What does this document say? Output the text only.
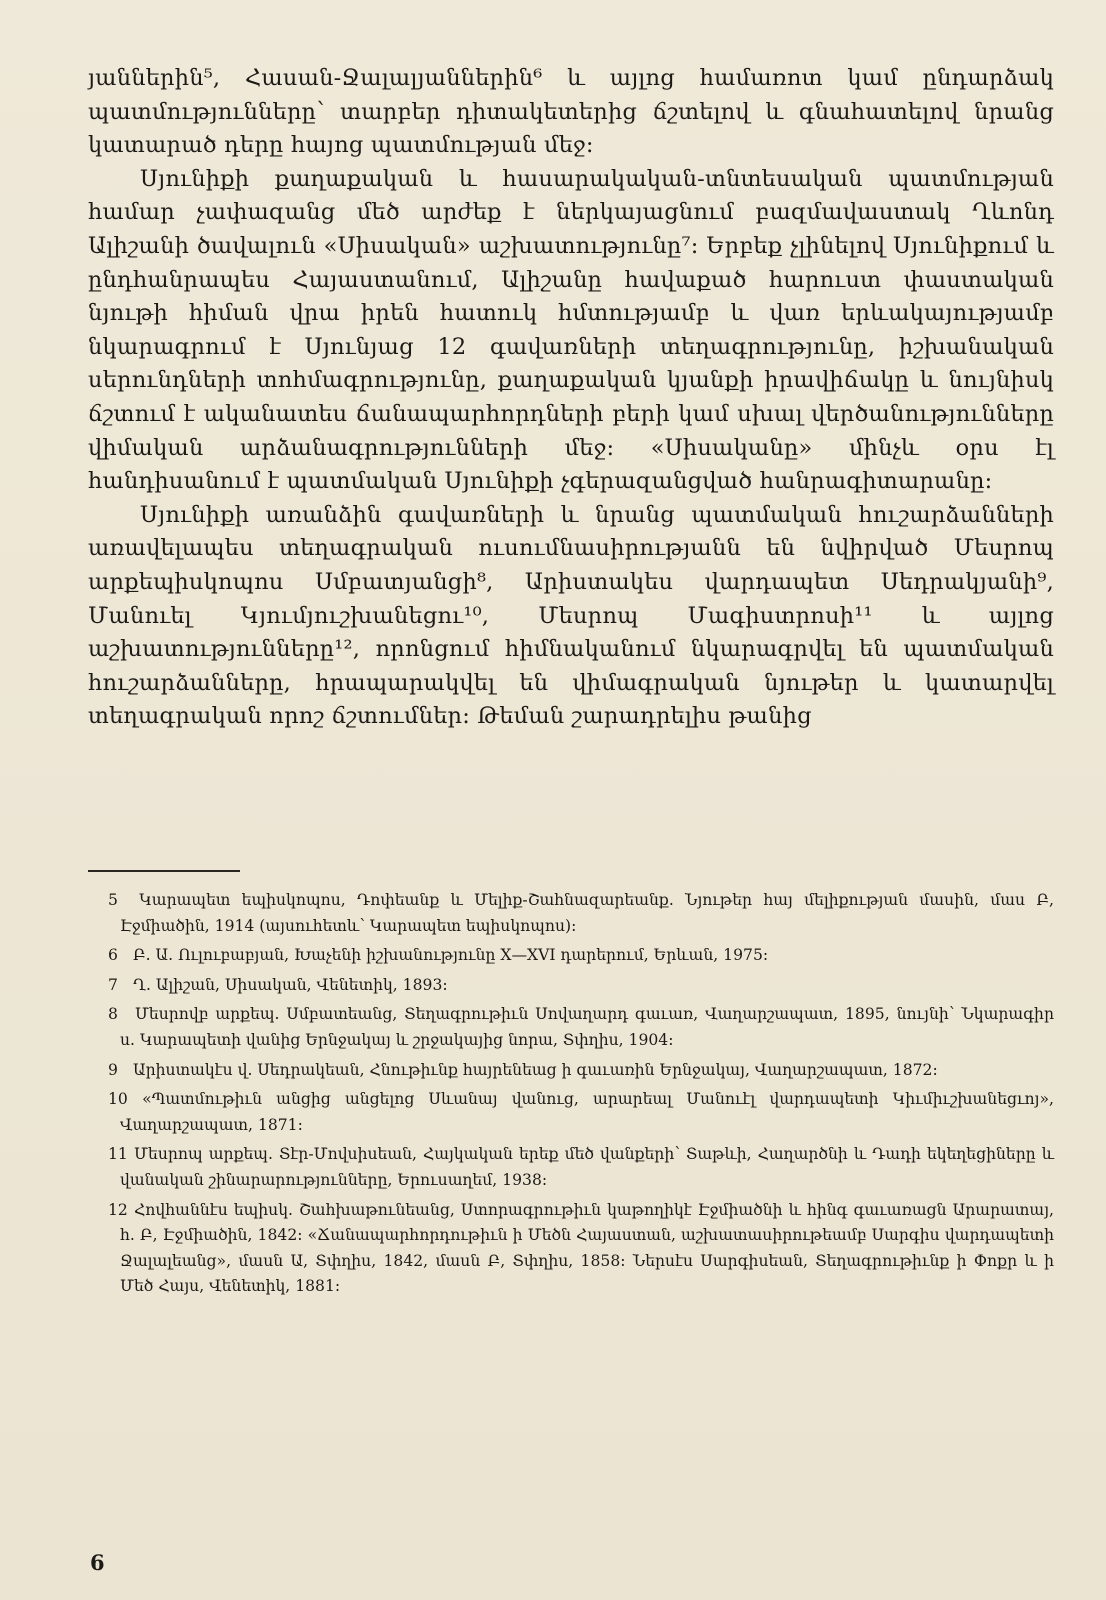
յաններին⁵, Հասան-Ջալալյաններին⁶ և այլոց համառոտ կամ ընդարձակ պատմությունները՝ տարբեր դիտակետերից ճշտելով և գնահատելով նրանց կատարած դերը հայոց պատմության մեջ:

Սյունիքի քաղաքական և հասարակական-տնտեսական պատմության համար չափազանց մեծ արժեք է ներկայացնում բազմավաստակ Ղևոնդ Ալիշանի ծավալուն «Սիսական» աշխատությունը⁷: Երբեք չլինելով Սյունիքում և ընդհանրապես Հայաստանում, Ալիշանը հավաքած հարուստ փաստական նյութի հիման վրա իրեն հատուկ հմտությամբ և վառ երևակայությամբ նկարագրում է Սյունյաց 12 գավառների տեղագրությունը, իշխանական սերունդների տոհմագրությունը, քաղաքական կյանքի իրավիճակը և նույնիսկ ճշտում է ականատես ճանապարհորդների բերի կամ սխալ վերծանությունները վիմական արձանագրությունների մեջ: «Սիսականը» մինչև օրս էլ հանդիսանում է պատմական Սյունիքի չգերազանցված հանրագիտարանը:

Սյունիքի առանձին գավառների և նրանց պատմական հուշարձանների առավելապես տեղագրական ուսումնասիրությանն են նվիրված Մեսրոպ արքեպիսկոպոս Սմբատյանցի⁸, Արիստակես վարդապետ Սեդրակյանի⁹, Մանուել Կյումյուշխանեցու¹⁰, Մեսրոպ Մագիստրոսի¹¹ և այլոց աշխատությունները¹², որոնցում հիմնականում նկարագրվել են պատմական հուշարձանները, հրապարակվել են վիմագրական նյութեր և կատարվել տեղագրական որոշ ճշտումներ: Թեման շարադրելիս թանից

5 Կարապետ եպիսկոպոս, Դոփեանք և Մելիք-Շահնազարեանք. Նյութեր հայ մելիքության մասին, մաս Բ, Էջմիածին, 1914 (այսուհետև՝ Կարապետ եպիսկոպոս):

6 Բ. Ա. Ուլուբաբյան, Խաչենի իշխանությունը X—XVI դարերում, Երևան, 1975:

7 Ղ. Ալիշան, Սիսական, Վենետիկ, 1893:

8 Մեսրովբ արքեպ. Սմբատեանց, Տեղագրութիւն Սովաղարդ գաւառ, Վաղարշապատ, 1895, նույնի՝ Նկարագիր ս. Կարապետի վանից Երնջակայ և շրջակայից նորա, Տփղիս, 1904:

9 Արիստակէս վ. Սեդրակեան, Հնութիւնք հայրենեաց ի գաւառին Երնջակայ, Վաղարշապատ, 1872:

10 «Պատմութիւն անցից անցելոց Սևանայ վանուց, արարեալ Մանուէլ վարդապետի Կիւմիւշխանեցւոյ», Վաղարշապատ, 1871:

11 Մեսրոպ արքեպ. Տէր-Մովսիսեան, Հայկական երեք մեծ վանքերի՝ Տաթևի, Հաղարծնի և Դադի եկեղեցիները և վանական շինարարությունները, Երուսաղեմ, 1938:

12 Հովհաննէս եպիսկ. Շահխաթունեանց, Ստորագրութիւն կաթողիկէ Էջմիածնի և հինգ գաւառացն Արարատայ, հ. Բ, Էջմիածին, 1842: «Ճանապարհորդութիւն ի Մեծն Հայաստան, աշխատասիրութեամբ Սարգիս վարդապետի Ջալալեանց», մասն Ա, Տփղիս, 1842, մասն Բ, Տփղիս, 1858: Ներսէս Սարգիսեան, Տեղագրութիւնք ի Փոքր և ի Մեծ Հայս, Վենետիկ, 1881:

6
